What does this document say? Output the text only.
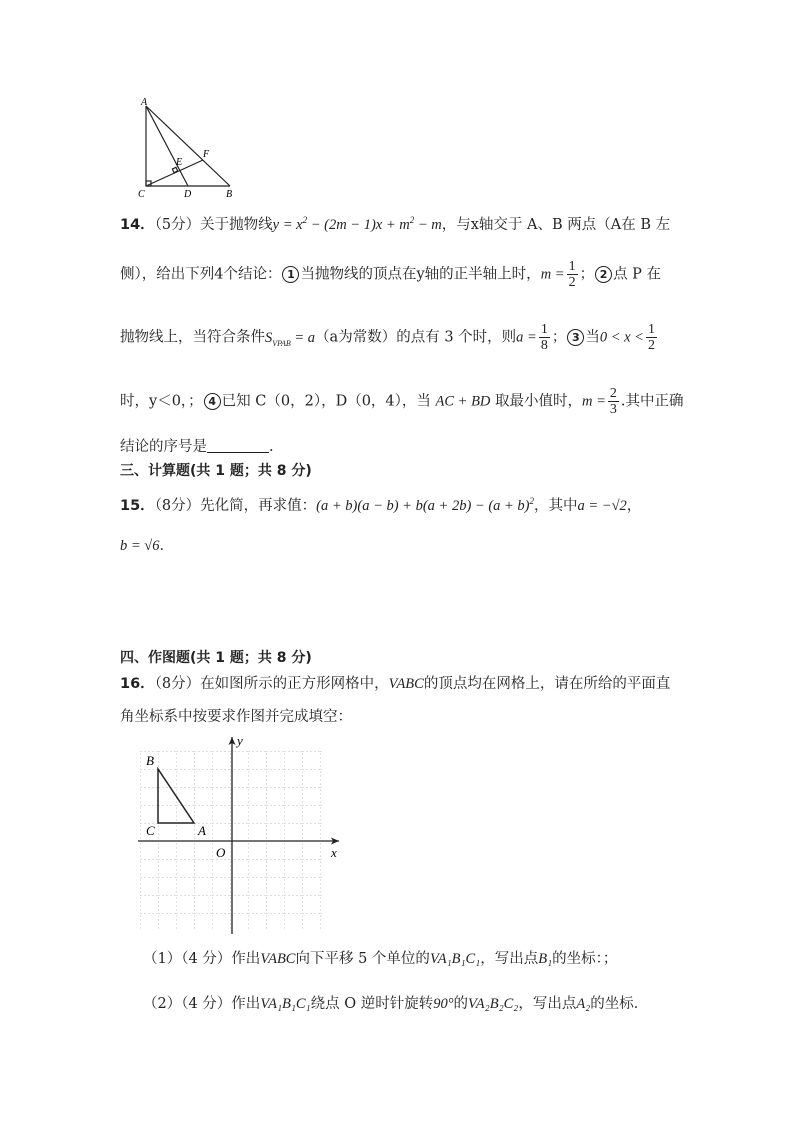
A
F
E
C	D	B
14．（5分）关于抛物线$y = x^2 - (2m - 1)x + m^2 - m$，与x轴交于 A、B 两点（A在 B 左
侧），给出下列4个结论： 1 当抛物线的顶点在y轴的正半轴上时，$m = \frac{1}{2}$ ； 2 点 P 在
抛物线上，当符合条件$S_{VPAB} = a(a$为常数）的点有 3 个时，则$a = \frac{1}{8}$ ； 3 当$0 < x < \frac{1}{2}$
时，y＜0，； 4 已知 C（0，2），D（0，4），当 AC + BD 取最小值时，$m = \frac{2}{3}$ .其中正确
结论的序号是	.
三、计算题(共 1 题；共 8 分)
15．（8分）先化简，再求值：$(a + b)(a - b) + b(a + 2b) - (a + b)^2$，其中a = −√2，
b = √6．
四、作图题(共 1 题；共 8 分)
16．（8分）在如图所示的正方形网格中，VABC的顶点均在网格上，请在所给的平面直
角坐标系中按要求作图并完成填空：
B
C	A
O	x
y
（1）（4 分）作出VABC向下平移 5 个单位的VA₁B₁C₁，写出点B₁的坐标：；
（2）（4 分）作出VA₁B₁C₁绕点 O 逆时针旋转90°的VA₂B₂C₂，写出点A₂的坐标．
